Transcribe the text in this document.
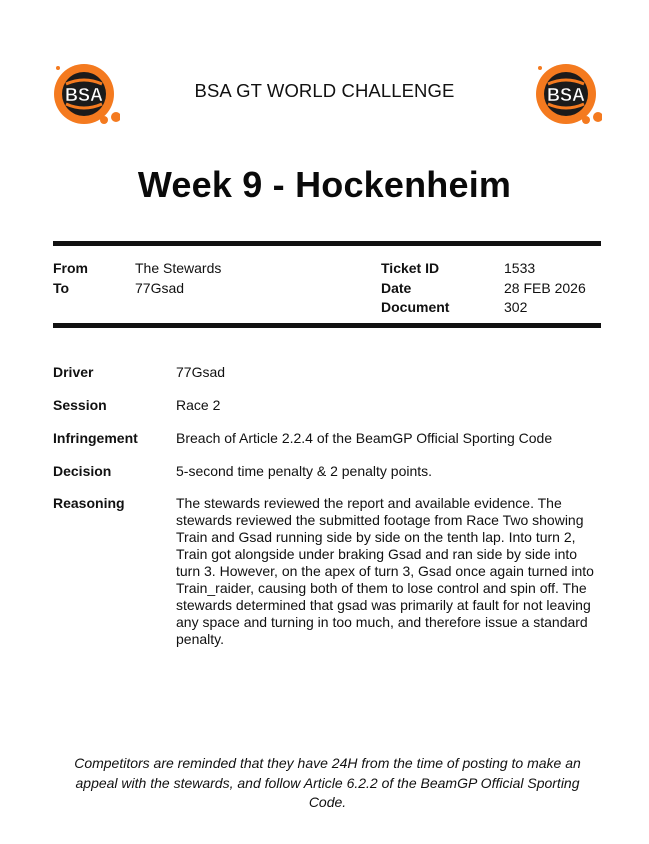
BSA	BSA
BSA GT WORLD CHALLENGE
Week 9 - Hockenheim
From	The Stewards
To	77Gsad
Ticket ID	1533
Date	28 FEB 2026
Document	302
Driver	77Gsad
Session	Race 2
Infringement	Breach of Article 2.2.4 of the BeamGP Official Sporting Code
Decision	5-second time penalty & 2 penalty points.
Reasoning	The stewards reviewed the report and available evidence. The stewards reviewed the submitted footage from Race Two showing Train and Gsad running side by side on the tenth lap. Into turn 2, Train got alongside under braking Gsad and ran side by side into turn 3. However, on the apex of turn 3, Gsad once again turned into Train_raider, causing both of them to lose control and spin off. The stewards determined that gsad was primarily at fault for not leaving any space and turning in too much, and therefore issue a standard penalty.
Competitors are reminded that they have 24H from the time of posting to make an appeal with the stewards, and follow Article 6.2.2 of the BeamGP Official Sporting Code.
